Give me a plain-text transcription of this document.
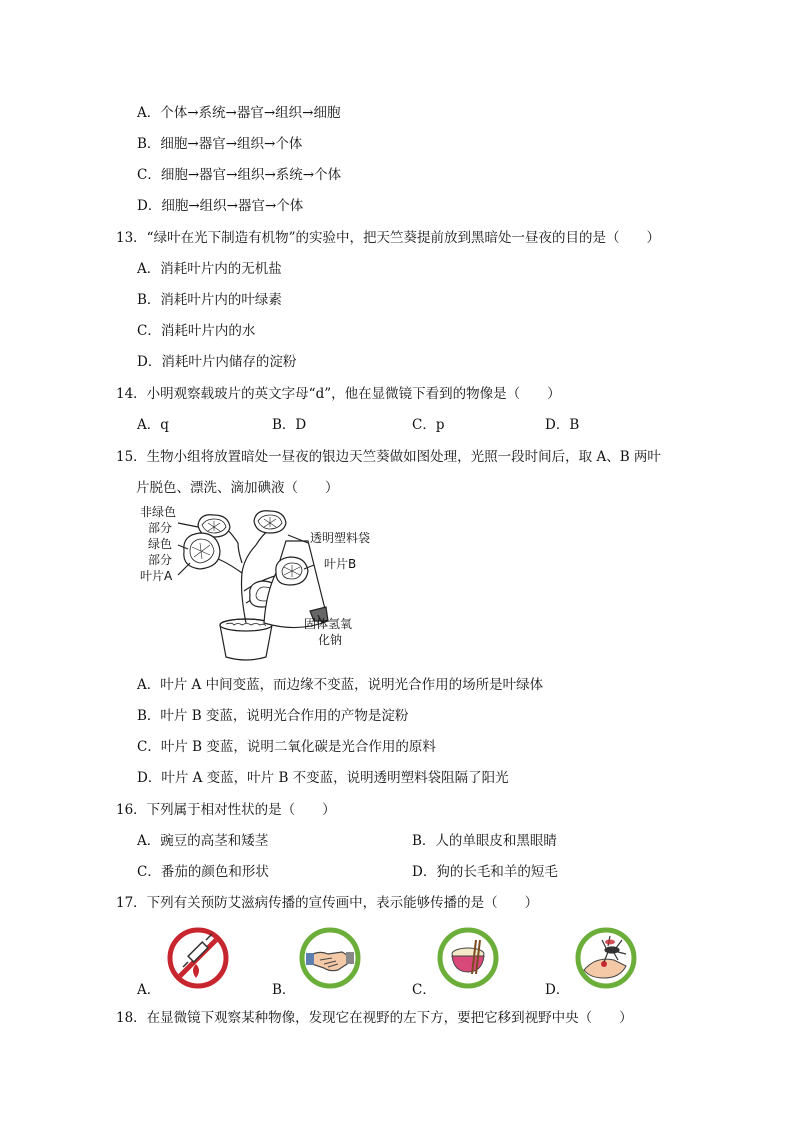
A．个体→系统→器官→组织→细胞
B．细胞→器官→组织→个体
C．细胞→器官→组织→系统→个体
D．细胞→组织→器官→个体
13．“绿叶在光下制造有机物”的实验中，把天竺葵提前放到黑暗处一昼夜的目的是（　　）
A．消耗叶片内的无机盐
B．消耗叶片内的叶绿素
C．消耗叶片内的水
D．消耗叶片内储存的淀粉
14．小明观察载玻片的英文字母“d”，他在显微镜下看到的物像是（　　）
A．q	B．D	C．p	D．B
15．生物小组将放置暗处一昼夜的银边天竺葵做如图处理，光照一段时间后，取 A、B 两叶
片脱色、漂洗、滴加碘液（　　）
非绿色
部分
绿色
部分
叶片A
透明塑料袋
叶片B
固体氢氧
化钠
A．叶片 A 中间变蓝，而边缘不变蓝，说明光合作用的场所是叶绿体
B．叶片 B 变蓝，说明光合作用的产物是淀粉
C．叶片 B 变蓝，说明二氧化碳是光合作用的原料
D．叶片 A 变蓝，叶片 B 不变蓝，说明透明塑料袋阻隔了阳光
16．下列属于相对性状的是（　　）
A．豌豆的高茎和矮茎	B．人的单眼皮和黑眼睛
C．番茄的颜色和形状	D．狗的长毛和羊的短毛
17．下列有关预防艾滋病传播的宣传画中，表示能够传播的是（　　）
A．	B．	C．	D．
18．在显微镜下观察某种物像，发现它在视野的左下方，要把它移到视野中央（　　）
